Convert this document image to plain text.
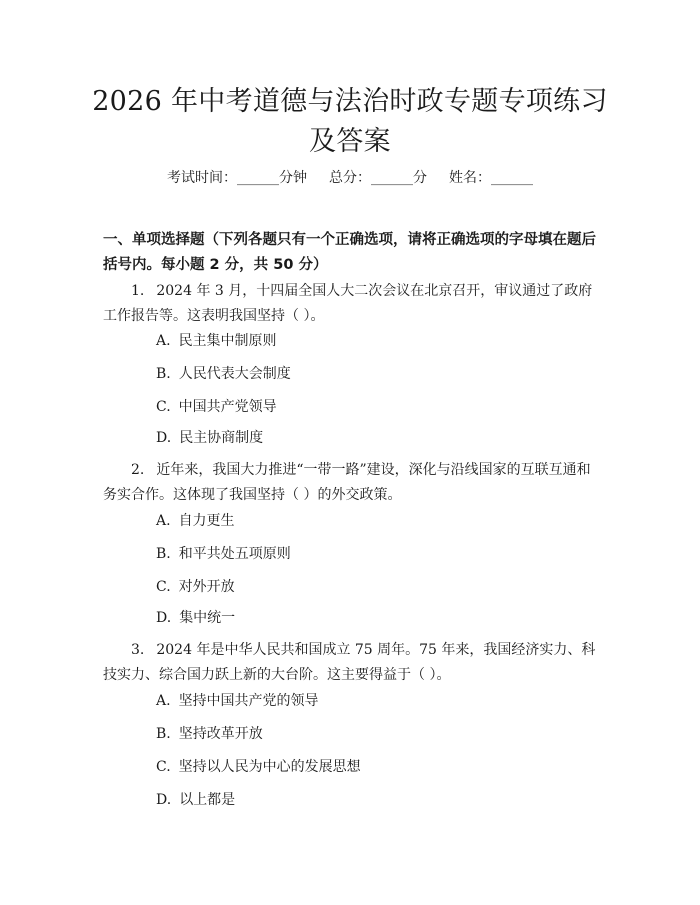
2026 年中考道德与法治时政专题专项练习及答案
考试时间：______分钟 总分：______分 姓名：______
一、单项选择题（下列各题只有一个正确选项，请将正确选项的字母填在题后括号内。每小题 2 分，共 50 分）

1. 2024 年 3 月，十四届全国人大二次会议在北京召开，审议通过了政府工作报告等。这表明我国坚持（ ）。

A. 民主集中制原则
B. 人民代表大会制度
C. 中国共产党领导
D. 民主协商制度

2. 近年来，我国大力推进“一带一路”建设，深化与沿线国家的互联互通和务实合作。这体现了我国坚持（ ）的外交政策。

A. 自力更生
B. 和平共处五项原则
C. 对外开放
D. 集中统一

3. 2024 年是中华人民共和国成立 75 周年。75 年来，我国经济实力、科技实力、综合国力跃上新的大台阶。这主要得益于（ ）。

A. 坚持中国共产党的领导
B. 坚持改革开放
C. 坚持以人民为中心的发展思想
D. 以上都是
